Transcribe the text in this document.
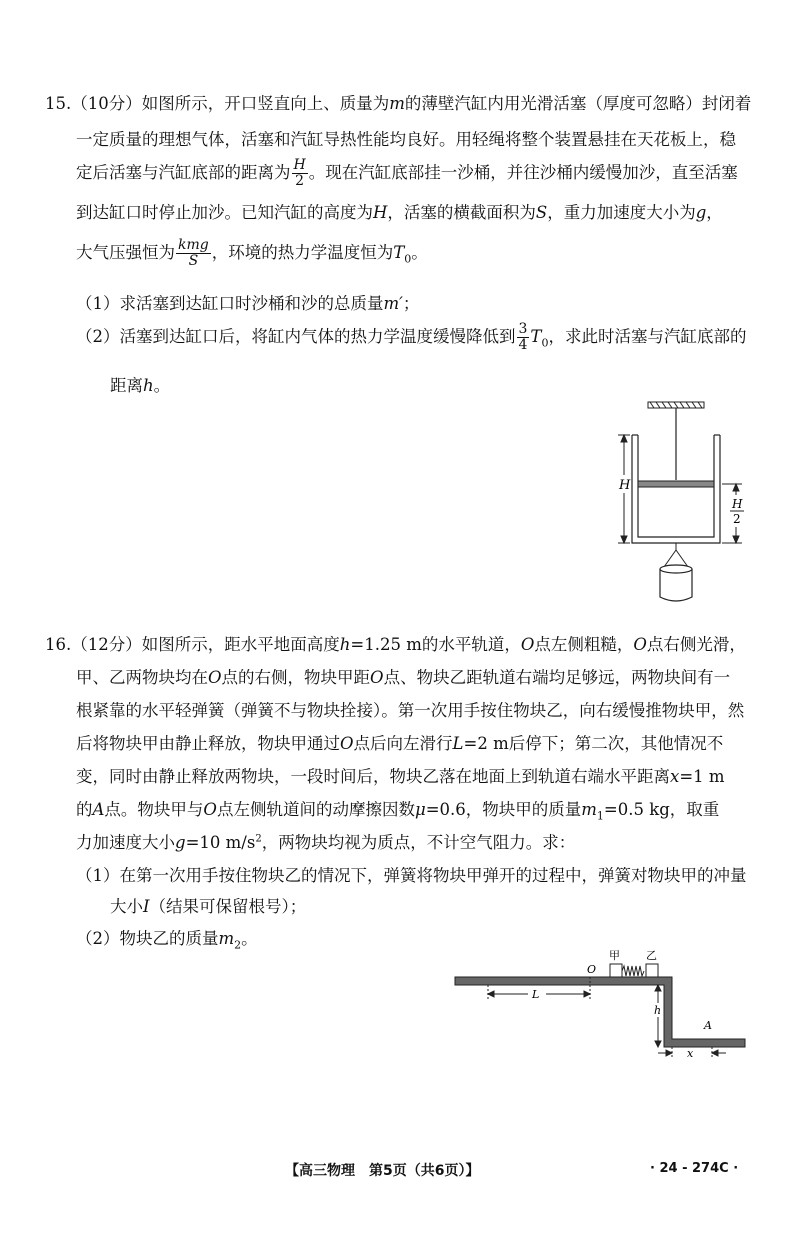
15.（10分）如图所示，开口竖直向上、质量为m的薄壁汽缸内用光滑活塞（厚度可忽略）封闭着
一定质量的理想气体，活塞和汽缸导热性能均良好。用轻绳将整个装置悬挂在天花板上，稳
定后活塞与汽缸底部的距离为 $\frac{H}{2}$ 。现在汽缸底部挂一沙桶，并往沙桶内缓慢加沙，直至活塞
到达缸口时停止加沙。已知汽缸的高度为H，活塞的横截面积为S，重力加速度大小为g，
大气压强恒为 $\frac{\text{kmg}}{S}$ ，环境的热力学温度恒为$T_0$。
（1）求活塞到达缸口时沙桶和沙的总质量m′；
（2）活塞到达缸口后，将缸内气体的热力学温度缓慢降低到 $\frac{3}{4} T_0$，求此时活塞与汽缸底部的
距离h。
H
H
2
16.（12分）如图所示，距水平地面高度h=1.25 m的水平轨道，O点左侧粗糙，O点右侧光滑，
甲、乙两物块均在O点的右侧，物块甲距O点、物块乙距轨道右端均足够远，两物块间有一
根紧靠的水平轻弹簧（弹簧不与物块拴接）。第一次用手按住物块乙，向右缓慢推物块甲，然
后将物块甲由静止释放，物块甲通过O点后向左滑行L=2 m后停下；第二次，其他情况不
变，同时由静止释放两物块，一段时间后，物块乙落在地面上到轨道右端水平距离x=1 m
的A点。物块甲与O点左侧轨道间的动摩擦因数μ=0.6，物块甲的质量$m_1=0.5$ kg，取重
力加速度大小g=10 $m/s^2$，两物块均视为质点，不计空气阻力。求：
（1）在第一次用手按住物块乙的情况下，弹簧将物块甲弹开的过程中，弹簧对物块甲的冲量
大小I（结果可保留根号）；
（2）物块乙的质量$m_2$。
甲 乙
O
L
h
A
x
【高三物理　第5页（共6页）】	· 24 - 274C ·
